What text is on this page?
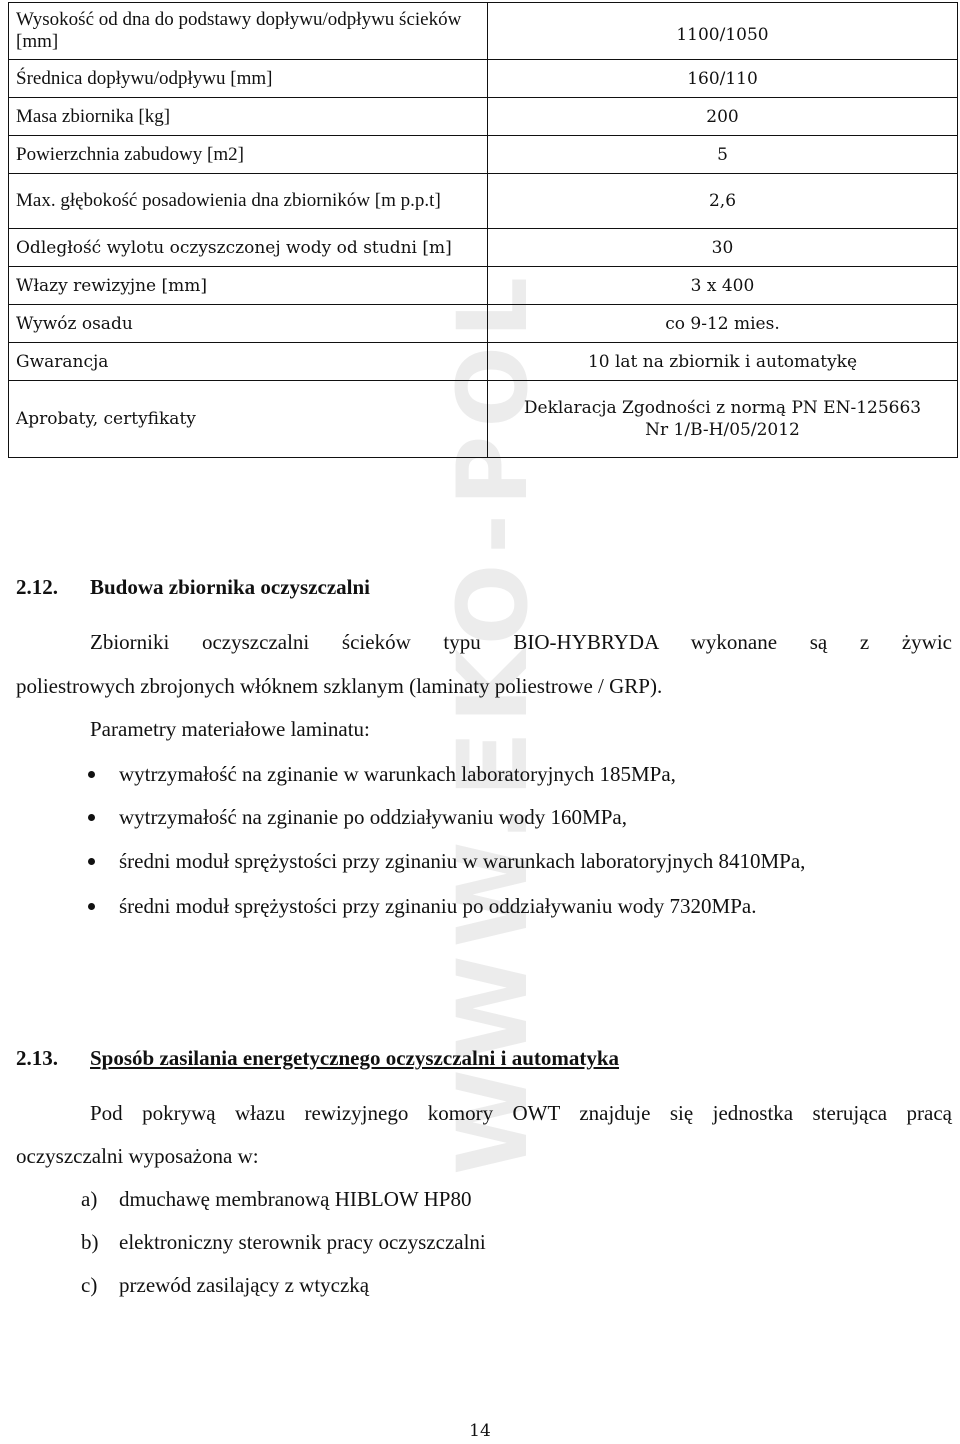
WWW.EKO-POL
Wysokość od dna do podstawy dopływu/odpływu ścieków [mm]	1100/1050
Średnica dopływu/odpływu [mm]	160/110
Masa zbiornika [kg]	200
Powierzchnia zabudowy [m2]	5
Max. głębokość posadowienia dna zbiorników [m p.p.t]	2,6
Odległość wylotu oczyszczonej wody od studni [m]	30
Włazy rewizyjne [mm]	3 x 400
Wywóz osadu	co 9-12 mies.
Gwarancja	10 lat na zbiornik i automatykę
Aprobaty, certyfikaty	Deklaracja Zgodności z normą PN EN-125663 Nr 1/B-H/05/2012
2.12. Budowa zbiornika oczyszczalni
Zbiorniki oczyszczalni ścieków typu BIO-HYBRYDA wykonane są z żywic
poliestrowych zbrojonych włóknem szklanym (laminaty poliestrowe / GRP).
Parametry materiałowe laminatu:
wytrzymałość na zginanie w warunkach laboratoryjnych 185MPa,
wytrzymałość na zginanie po oddziaływaniu wody 160MPa,
średni moduł sprężystości przy zginaniu w warunkach laboratoryjnych 8410MPa,
średni moduł sprężystości przy zginaniu po oddziaływaniu wody 7320MPa.
2.13. Sposób zasilania energetycznego oczyszczalni i automatyka
Pod pokrywą włazu rewizyjnego komory OWT znajduje się jednostka sterująca pracą
oczyszczalni wyposażona w:
a) dmuchawę membranową HIBLOW HP80
b) elektroniczny sterownik pracy oczyszczalni
c) przewód zasilający z wtyczką
14
